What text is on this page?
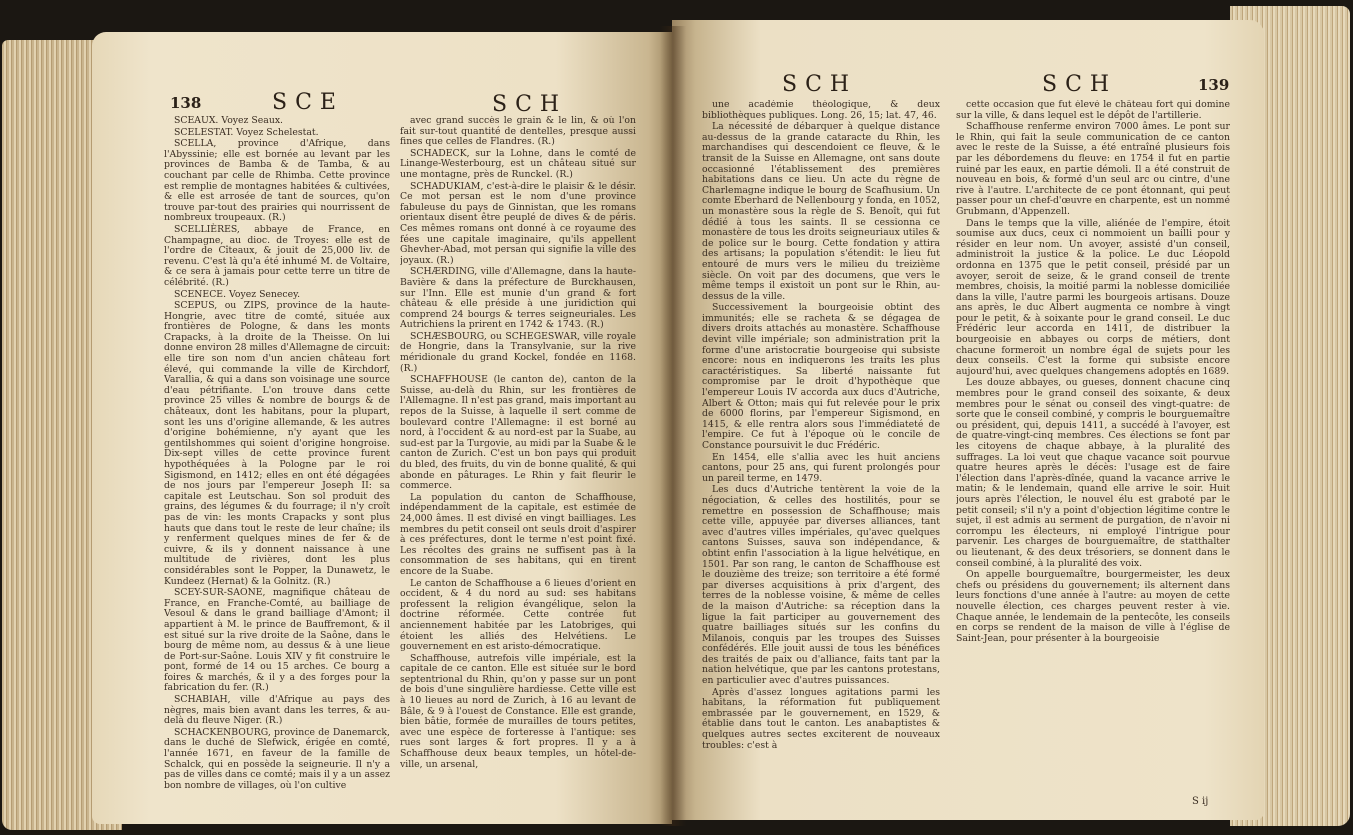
138	SCE	SCH

SCEAUX. Voyez Seaux.

SCELESTAT. Voyez Schelestat.

SCELLA, province d'Afrique, dans l'Abyssinie; elle est bornée au levant par les provinces de Bamba & de Tamba, & au couchant par celle de Rhimba. Cette province est remplie de montagnes habitées & cultivées, & elle est arrosée de tant de sources, qu'on trouve par-tout des prairies qui nourrissent de nombreux troupeaux. (R.)

SCELLIÈRES, abbaye de France, en Champagne, au dioc. de Troyes: elle est de l'ordre de Cîteaux, & jouit de 25,000 liv. de revenu. C'est là qu'a été inhumé M. de Voltaire, & ce sera à jamais pour cette terre un titre de célébrité. (R.)

SCENECE. Voyez Senecey.

SCEPUS, ou ZIPS, province de la haute-Hongrie, avec titre de comté, située aux frontières de Pologne, & dans les monts Crapacks, à la droite de la Theisse. On lui donne environ 28 milles d'Allemagne de circuit: elle tire son nom d'un ancien château fort élevé, qui commande la ville de Kirchdorf, Varallia, & qui a dans son voisinage une source d'eau pétrifiante. L'on trouve dans cette province 25 villes & nombre de bourgs & de châteaux, dont les habitans, pour la plupart, sont les uns d'origine allemande, & les autres d'origine bohémienne, n'y ayant que les gentilshommes qui soient d'origine hongroise. Dix-sept villes de cette province furent hypothéquées à la Pologne par le roi Sigismond, en 1412; elles en ont été dégagées de nos jours par l'empereur Joseph II: sa capitale est Leutschau. Son sol produit des grains, des légumes & du fourrage; il n'y croît pas de vin: les monts Crapacks y sont plus hauts que dans tout le reste de leur chaîne; ils y renferment quelques mines de fer & de cuivre, & ils y donnent naissance à une multitude de rivières, dont les plus considérables sont le Popper, la Dunawetz, le Kundeez (Hernat) & la Golnitz. (R.)

SCEY-SUR-SAONE, magnifique château de France, en Franche-Comté, au bailliage de Vesoul & dans le grand bailliage d'Amont; il appartient à M. le prince de Bauffremont, & il est situé sur la rive droite de la Saône, dans le bourg de même nom, au dessus & à une lieue de Port-sur-Saône. Louis XIV y fit construire le pont, formé de 14 ou 15 arches. Ce bourg a foires & marchés, & il y a des forges pour la fabrication du fer. (R.)

SCHABIAH, ville d'Afrique au pays des nègres, mais bien avant dans les terres, & au-delà du fleuve Niger. (R.)

SCHACKENBOURG, province de Danemarck, dans le duché de Slefwick, érigée en comté, l'année 1671, en faveur de la famille de Schalck, qui en possède la seigneurie. Il n'y a pas de villes dans ce comté; mais il y a un assez bon nombre de villages, où l'on cultive

avec grand succès le grain & le lin, & où l'on fait sur-tout quantité de dentelles, presque aussi fines que celles de Flandres. (R.)

SCHADECK, sur la Lohne, dans le comté de Linange-Westerbourg, est un château situé sur une montagne, près de Runckel. (R.)

SCHADUKIAM, c'est-à-dire le plaisir & le désir. Ce mot persan est le nom d'une province fabuleuse du pays de Ginnistan, que les romans orientaux disent être peuplé de dives & de péris. Ces mêmes romans ont donné à ce royaume des fées une capitale imaginaire, qu'ils appellent Ghevher-Abad, mot persan qui signifie la ville des joyaux. (R.)

SCHÆRDING, ville d'Allemagne, dans la haute-Bavière & dans la préfecture de Burckhausen, sur l'Inn. Elle est munie d'un grand & fort château & elle préside à une juridiction qui comprend 24 bourgs & terres seigneuriales. Les Autrichiens la prirent en 1742 & 1743. (R.)

SCHÆSBOURG, ou SCHEGESWAR, ville royale de Hongrie, dans la Transylvanie, sur la rive méridionale du grand Kockel, fondée en 1168. (R.)

SCHAFFHOUSE (le canton de), canton de la Suisse, au-delà du Rhin, sur les frontières de l'Allemagne. Il n'est pas grand, mais important au repos de la Suisse, à laquelle il sert comme de boulevard contre l'Allemagne: il est borné au nord, à l'occident & au nord-est par la Suabe, au sud-est par la Turgovie, au midi par la Suabe & le canton de Zurich. C'est un bon pays qui produit du bled, des fruits, du vin de bonne qualité, & qui abonde en pâturages. Le Rhin y fait fleurir le commerce.

La population du canton de Schaffhouse, indépendamment de la capitale, est estimée de 24,000 âmes. Il est divisé en vingt bailliages. Les membres du petit conseil ont seuls droit d'aspirer à ces préfectures, dont le terme n'est point fixé. Les récoltes des grains ne suffisent pas à la consommation de ses habitans, qui en tirent encore de la Suabe.

Le canton de Schaffhouse a 6 lieues d'orient en occident, & 4 du nord au sud: ses habitans professent la religion évangélique, selon la doctrine réformée. Cette contrée fut anciennement habitée par les Latobriges, qui étoient les alliés des Helvétiens. Le gouvernement en est aristo-démocratique.

Schaffhouse, autrefois ville impériale, est la capitale de ce canton. Elle est située sur le bord septentrional du Rhin, qu'on y passe sur un pont de bois d'une singulière hardiesse. Cette ville est à 10 lieues au nord de Zurich, à 16 au levant de Bâle, & 9 à l'ouest de Constance. Elle est grande, bien bâtie, formée de murailles de tours petites, avec une espèce de forteresse à l'antique: ses rues sont larges & fort propres. Il y a à Schaffhouse deux beaux temples, un hôtel-de-ville, un arsenal,

SCH	SCH	139

une académie théologique, & deux bibliothèques publiques. Long. 26, 15; lat. 47, 46.

La nécessité de débarquer à quelque distance au-dessus de la grande cataracte du Rhin, les marchandises qui descendoient ce fleuve, & le transit de la Suisse en Allemagne, ont sans doute occasionné l'établissement des premières habitations dans ce lieu. Un acte du règne de Charlemagne indique le bourg de Scafhusium. Un comte Eberhard de Nellenbourg y fonda, en 1052, un monastère sous la règle de S. Benoît, qui fut dédié à tous les saints. Il se cessionna ce monastère de tous les droits seigneuriaux utiles & de police sur le bourg. Cette fondation y attira des artisans; la population s'étendit: le lieu fut entouré de murs vers le milieu du treizième siècle. On voit par des documens, que vers le même temps il existoit un pont sur le Rhin, au-dessus de la ville.

Successivement la bourgeoisie obtint des immunités; elle se racheta & se dégagea de divers droits attachés au monastère. Schaffhouse devint ville impériale; son administration prit la forme d'une aristocratie bourgeoise qui subsiste encore: nous en indiquerons les traits les plus caractéristiques. Sa liberté naissante fut compromise par le droit d'hypothèque que l'empereur Louis IV accorda aux ducs d'Autriche, Albert & Otton; mais qui fut relevée pour le prix de 6000 florins, par l'empereur Sigismond, en 1415, & elle rentra alors sous l'immédiateté de l'empire. Ce fut à l'époque où le concile de Constance poursuivit le duc Frédéric.

En 1454, elle s'allia avec les huit anciens cantons, pour 25 ans, qui furent prolongés pour un pareil terme, en 1479.

Les ducs d'Autriche tentèrent la voie de la négociation, & celles des hostilités, pour se remettre en possession de Schaffhouse; mais cette ville, appuyée par diverses alliances, tant avec d'autres villes impériales, qu'avec quelques cantons Suisses, sauva son indépendance, & obtint enfin l'association à la ligue helvétique, en 1501. Par son rang, le canton de Schaffhouse est le douzième des treize; son territoire a été formé par diverses acquisitions à prix d'argent, des terres de la noblesse voisine, & même de celles de la maison d'Autriche: sa réception dans la ligue la fait participer au gouvernement des quatre bailliages situés sur les confins du Milanois, conquis par les troupes des Suisses confédérés. Elle jouit aussi de tous les bénéfices des traités de paix ou d'alliance, faits tant par la nation helvétique, que par les cantons protestans, en particulier avec d'autres puissances.

Après d'assez longues agitations parmi les habitans, la réformation fut publiquement embrassée par le gouvernement, en 1529, & établie dans tout le canton. Les anabaptistes & quelques autres sectes exciterent de nouveaux troubles: c'est à

cette occasion que fut élevé le château fort qui domine sur la ville, & dans lequel est le dépôt de l'artillerie.

Schaffhouse renferme environ 7000 âmes. Le pont sur le Rhin, qui fait la seule communication de ce canton avec le reste de la Suisse, a été entraîné plusieurs fois par les débordemens du fleuve: en 1754 il fut en partie ruiné par les eaux, en partie démoli. Il a été construit de nouveau en bois, & formé d'un seul arc ou cintre, d'une rive à l'autre. L'architecte de ce pont étonnant, qui peut passer pour un chef-d'œuvre en charpente, est un nommé Grubmann, d'Appenzell.

Dans le temps que la ville, aliénée de l'empire, étoit soumise aux ducs, ceux ci nommoient un bailli pour y résider en leur nom. Un avoyer, assisté d'un conseil, administroit la justice & la police. Le duc Léopold ordonna en 1375 que le petit conseil, présidé par un avoyer, seroit de seize, & le grand conseil de trente membres, choisis, la moitié parmi la noblesse domiciliée dans la ville, l'autre parmi les bourgeois artisans. Douze ans après, le duc Albert augmenta ce nombre à vingt pour le petit, & à soixante pour le grand conseil. Le duc Frédéric leur accorda en 1411, de distribuer la bourgeoisie en abbayes ou corps de métiers, dont chacune formeroit un nombre égal de sujets pour les deux conseils. C'est la forme qui subsiste encore aujourd'hui, avec quelques changemens adoptés en 1689.

Les douze abbayes, ou gueses, donnent chacune cinq membres pour le grand conseil des soixante, & deux membres pour le sénat ou conseil des vingt-quatre: de sorte que le conseil combiné, y compris le bourguemaître ou président, qui, depuis 1411, a succédé à l'avoyer, est de quatre-vingt-cinq membres. Ces élections se font par les citoyens de chaque abbaye, à la pluralité des suffrages. La loi veut que chaque vacance soit pourvue quatre heures après le décès: l'usage est de faire l'élection dans l'après-dînée, quand la vacance arrive le matin; & le lendemain, quand elle arrive le soir. Huit jours après l'élection, le nouvel élu est graboté par le petit conseil; s'il n'y a point d'objection légitime contre le sujet, il est admis au serment de purgation, de n'avoir ni corrompu les électeurs, ni employé l'intrigue pour parvenir. Les charges de bourguemaître, de statthalter ou lieutenant, & des deux trésoriers, se donnent dans le conseil combiné, à la pluralité des voix.

On appelle bourguemaître, bourgermeister, les deux chefs ou présidens du gouvernement; ils alternent dans leurs fonctions d'une année à l'autre: au moyen de cette nouvelle élection, ces charges peuvent rester à vie. Chaque année, le lendemain de la pentecôte, les conseils en corps se rendent de la maison de ville à l'église de Saint-Jean, pour présenter à la bourgeoisie

S ij
